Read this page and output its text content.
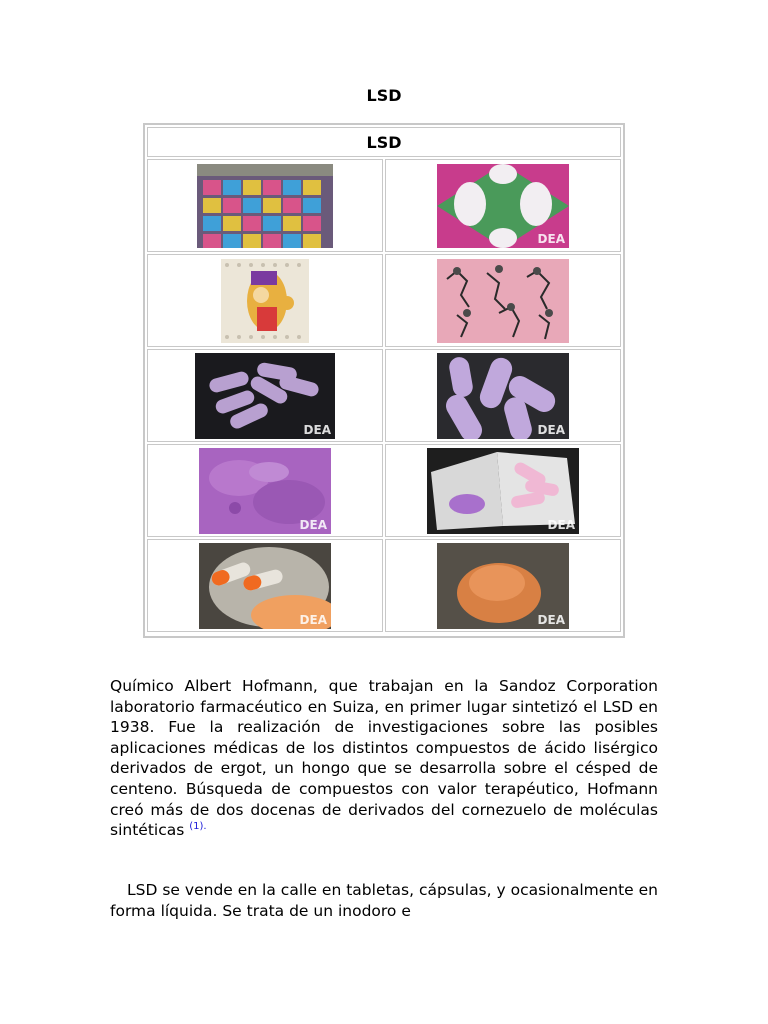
LSD
LSD
DEA
DEA	DEA
DEA	DEA
DEA	DEA
Químico Albert Hofmann, que trabajan en la Sandoz Corporation laboratorio farmacéutico en Suiza, en primer lugar sintetizó el LSD en 1938. Fue la realización de investigaciones sobre las posibles aplicaciones médicas de los distintos compuestos de ácido lisérgico derivados de ergot, un hongo que se desarrolla sobre el césped de centeno. Búsqueda de compuestos con valor terapéutico, Hofmann creó más de dos docenas de derivados del cornezuelo de moléculas sintéticas $^{(1).}$
LSD se vende en la calle en tabletas, cápsulas, y ocasionalmente en forma líquida. Se trata de un inodoro e
